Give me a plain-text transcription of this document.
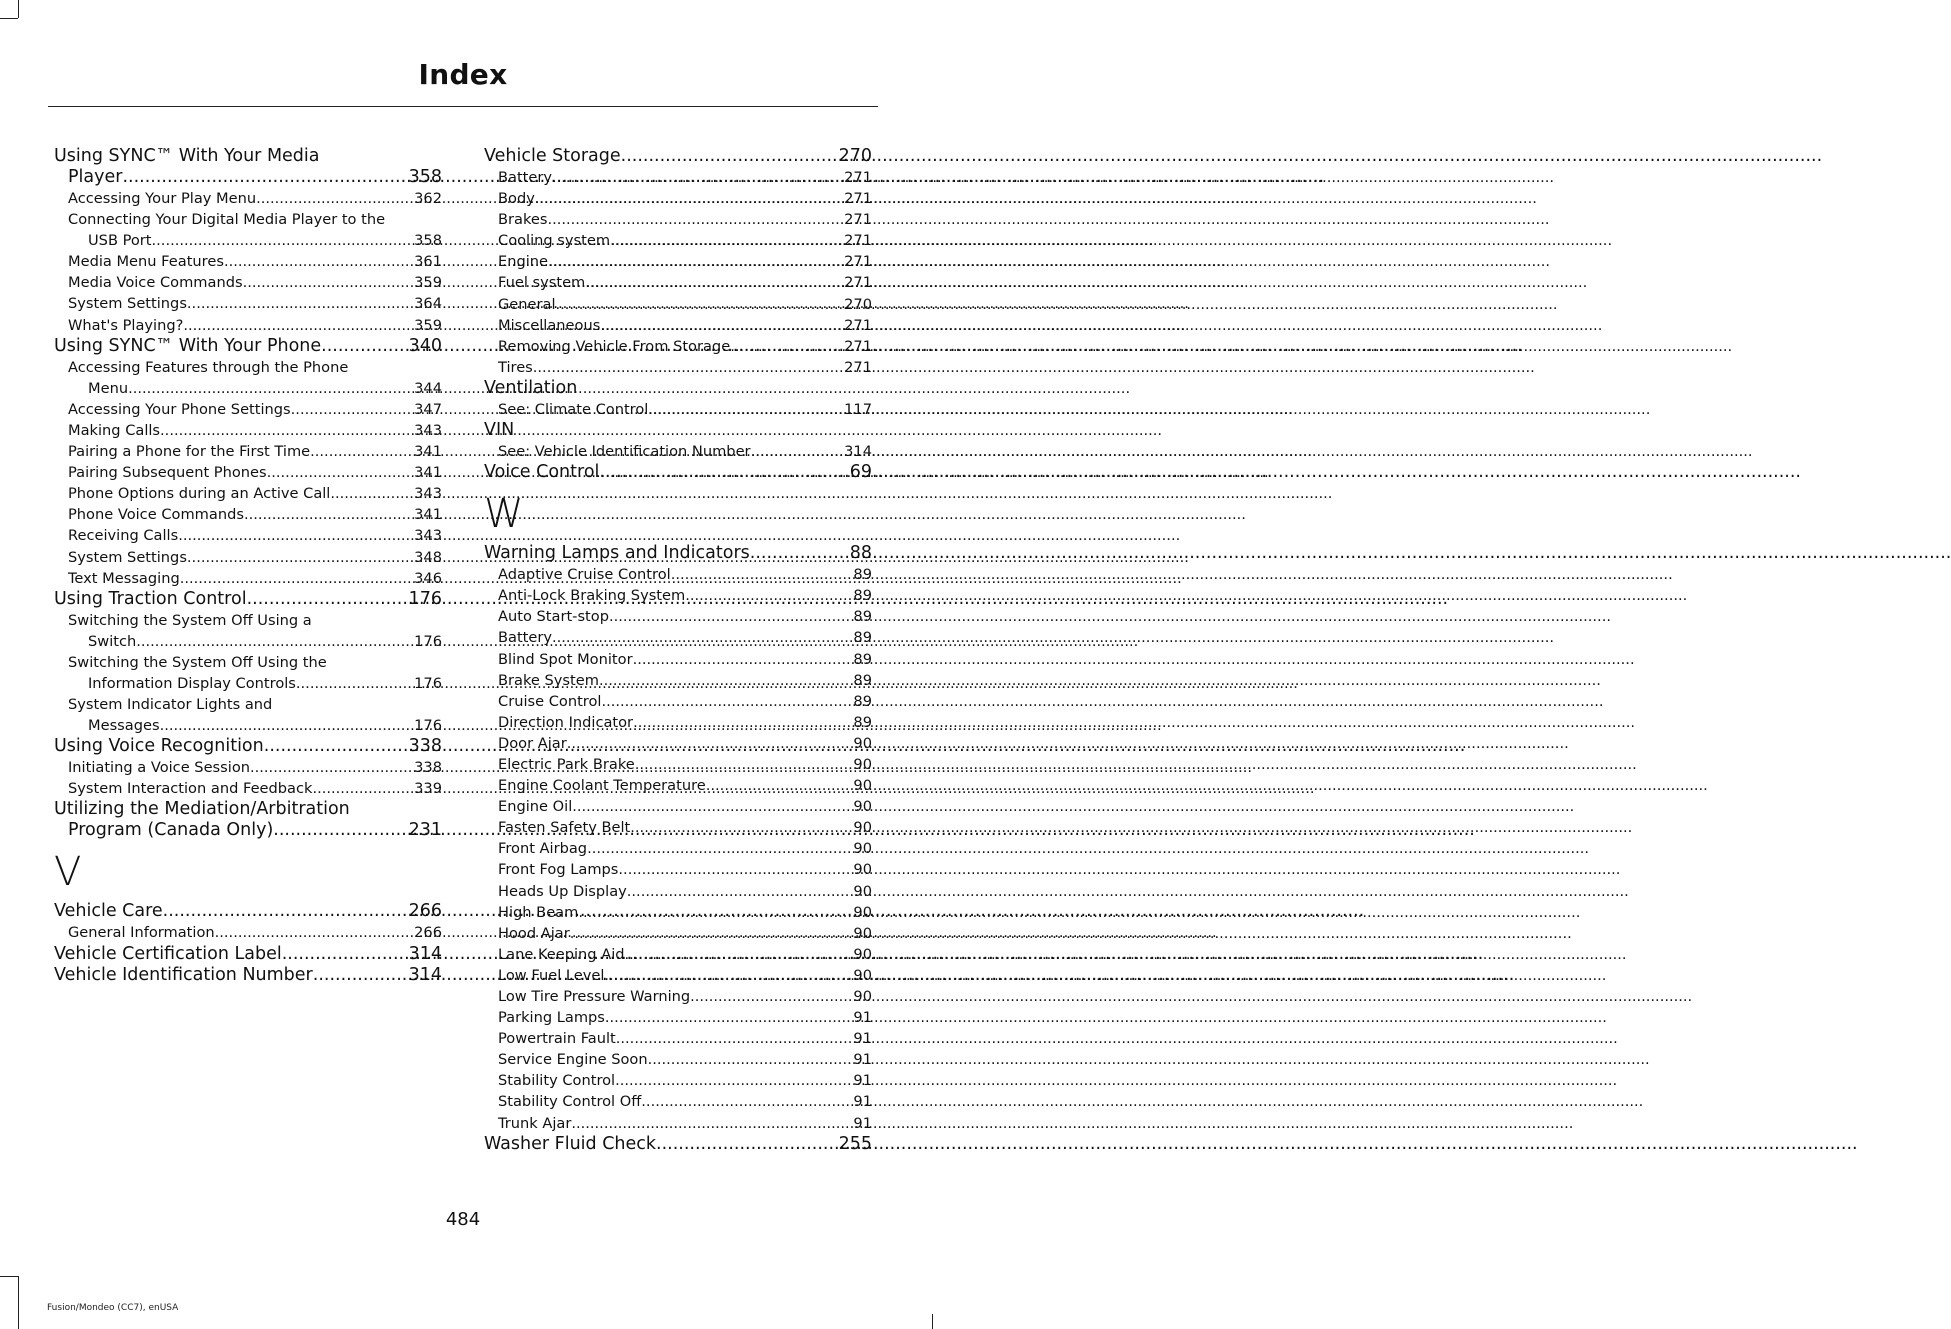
Index
Using SYNC™ With Your Media
Player .....	358
Accessing Your Play Menu .....	362
Connecting Your Digital Media Player to the
USB Port .....	358
Media Menu Features .....	361
Media Voice Commands .....	359
System Settings .....	364
What's Playing? .....	359
Using SYNC™ With Your Phone .....	340
Accessing Features through the Phone
Menu .....	344
Accessing Your Phone Settings .....	347
Making Calls .....	343
Pairing a Phone for the First Time .....	341
Pairing Subsequent Phones .....	341
Phone Options during an Active Call .....	343
Phone Voice Commands .....	341
Receiving Calls .....	343
System Settings .....	348
Text Messaging .....	346
Using Traction Control .....	176
Switching the System Off Using a
Switch .....	176
Switching the System Off Using the
Information Display Controls .....	176
System Indicator Lights and
Messages .....	176
Using Voice Recognition .....	338
Initiating a Voice Session .....	338
System Interaction and Feedback .....	339
Utilizing the Mediation/Arbitration
Program (Canada Only) .....	231
V
Vehicle Care .....	266
General Information .....	266
Vehicle Certification Label .....	314
Vehicle Identification Number .....	314
Vehicle Storage .....	270
Battery .....	271
Body .....	271
Brakes .....	271
Cooling system .....	271
Engine .....	271
Fuel system .....	271
General .....	270
Miscellaneous .....	271
Removing Vehicle From Storage .....	271
Tires .....	271
Ventilation
See: Climate Control .....	117
VIN
See: Vehicle Identification Number .....	314
Voice Control .....	69
W
Warning Lamps and Indicators .....	88
Adaptive Cruise Control .....	89
Anti-Lock Braking System .....	89
Auto Start-stop .....	89
Battery .....	89
Blind Spot Monitor .....	89
Brake System .....	89
Cruise Control .....	89
Direction Indicator .....	89
Door Ajar .....	90
Electric Park Brake .....	90
Engine Coolant Temperature .....	90
Engine Oil .....	90
Fasten Safety Belt .....	90
Front Airbag .....	90
Front Fog Lamps .....	90
Heads Up Display .....	90
High Beam .....	90
Hood Ajar .....	90
Lane Keeping Aid .....	90
Low Fuel Level .....	90
Low Tire Pressure Warning .....	90
Parking Lamps .....	91
Powertrain Fault .....	91
Service Engine Soon .....	91
Stability Control .....	91
Stability Control Off .....	91
Trunk Ajar .....	91
Washer Fluid Check .....	255
484
Fusion/Mondeo (CC7), enUSA
